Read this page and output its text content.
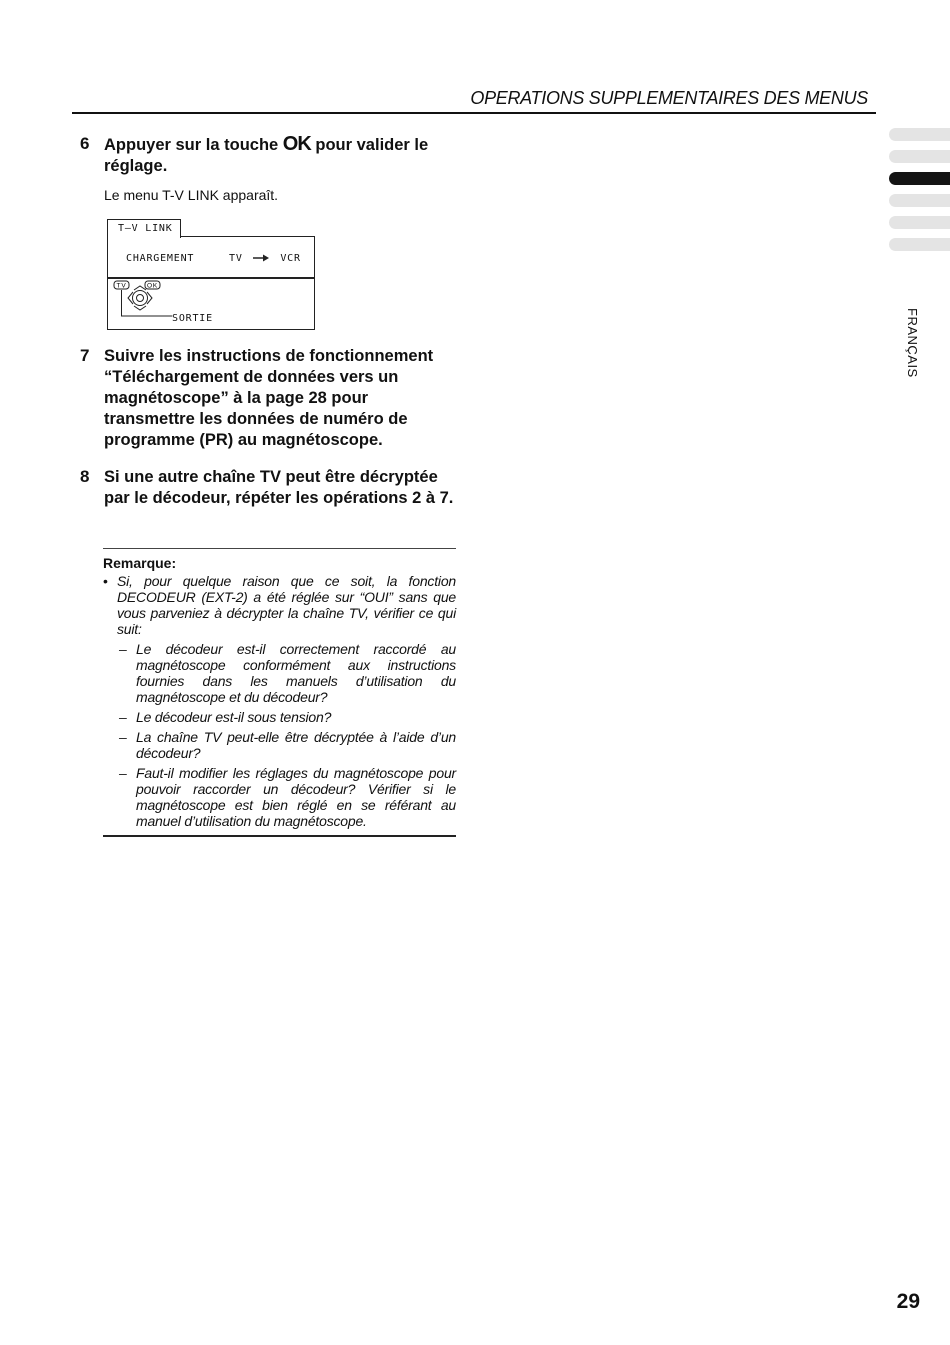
OPERATIONS SUPPLEMENTAIRES DES MENUS
FRANÇAIS
6 Appuyer sur la touche OK pour valider le réglage.
Le menu T-V LINK apparaît.
CHARGEMENT	TV	VCR
TV	OK
SORTIE
T–V LINK
7 Suivre les instructions de fonctionnement “Téléchargement de données vers un magnétoscope” à la page 28 pour transmettre les données de numéro de programme (PR) au magnétoscope.
8 Si une autre chaîne TV peut être décryptée par le décodeur, répéter les opérations 2 à 7.
Remarque:
• Si, pour quelque raison que ce soit, la fonction DECODEUR (EXT-2) a été réglée sur “OUI” sans que vous parveniez à décrypter la chaîne TV, vérifier ce qui suit:
– Le décodeur est-il correctement raccordé au magnétoscope conformément aux instructions fournies dans les manuels d’utilisation du magnétoscope et du décodeur?
– Le décodeur est-il sous tension?
– La chaîne TV peut-elle être décryptée à l’aide d’un décodeur?
– Faut-il modifier les réglages du magnétoscope pour pouvoir raccorder un décodeur? Vérifier si le magnétoscope est bien réglé en se référant au manuel d’utilisation du magnétoscope.
29
